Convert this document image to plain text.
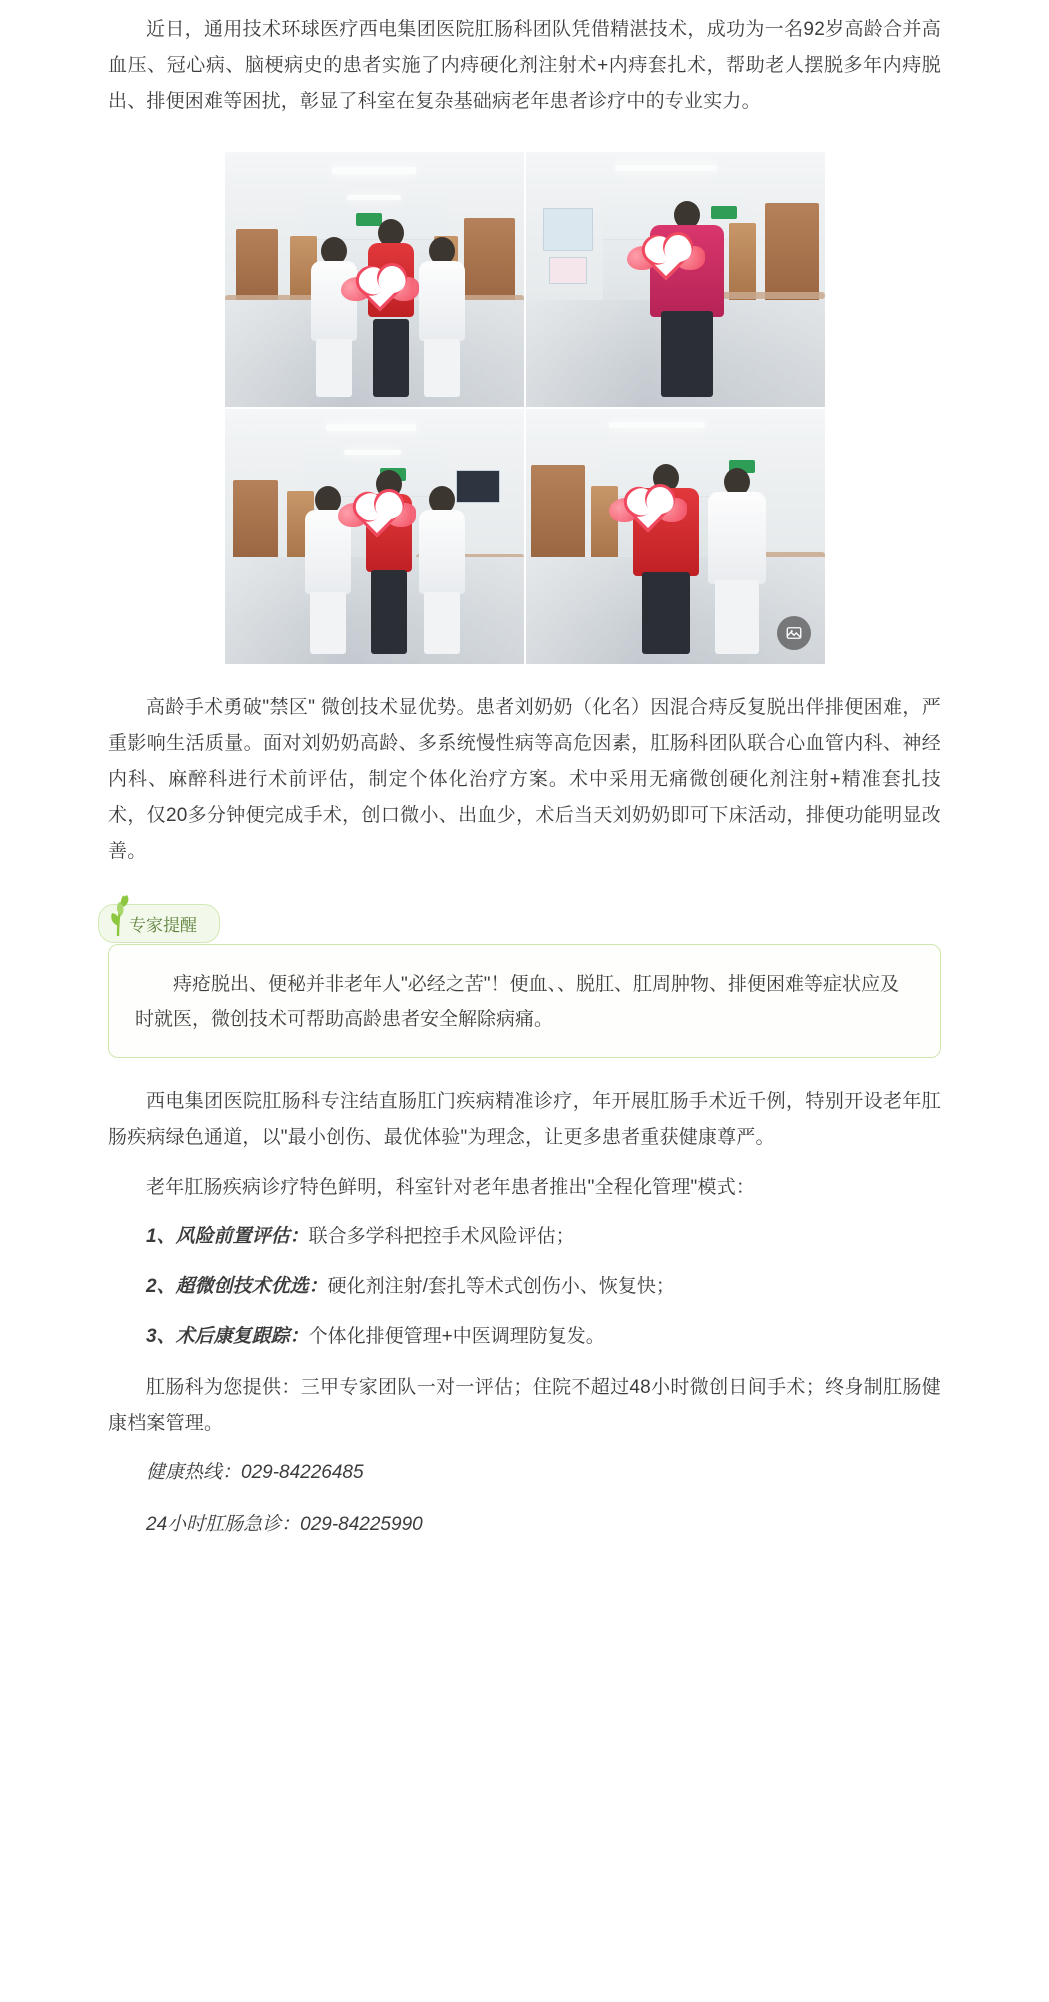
近日，通用技术环球医疗西电集团医院肛肠科团队凭借精湛技术，成功为一名92岁高龄合并高血压、冠心病、脑梗病史的患者实施了内痔硬化剂注射术+内痔套扎术，帮助老人摆脱多年内痔脱出、排便困难等困扰，彰显了科室在复杂基础病老年患者诊疗中的专业实力。

高龄手术勇破"禁区" 微创技术显优势。患者刘奶奶（化名）因混合痔反复脱出伴排便困难，严重影响生活质量。面对刘奶奶高龄、多系统慢性病等高危因素，肛肠科团队联合心血管内科、神经内科、麻醉科进行术前评估，制定个体化治疗方案。术中采用无痛微创硬化剂注射+精准套扎技术，仅20多分钟便完成手术，创口微小、出血少，术后当天刘奶奶即可下床活动，排便功能明显改善。

专家提醒

痔疮脱出、便秘并非老年人"必经之苦"！便血、、脱肛、肛周肿物、排便困难等症状应及时就医，微创技术可帮助高龄患者安全解除病痛。

西电集团医院肛肠科专注结直肠肛门疾病精准诊疗，年开展肛肠手术近千例，特别开设老年肛肠疾病绿色通道，以"最小创伤、最优体验"为理念，让更多患者重获健康尊严。

老年肛肠疾病诊疗特色鲜明，科室针对老年患者推出"全程化管理"模式：

1、风险前置评估：联合多学科把控手术风险评估；

2、超微创技术优选：硬化剂注射/套扎等术式创伤小、恢复快；

3、术后康复跟踪：个体化排便管理+中医调理防复发。

肛肠科为您提供：三甲专家团队一对一评估；住院不超过48小时微创日间手术；终身制肛肠健康档案管理。

健康热线：029-84226485

24小时肛肠急诊：029-84225990
